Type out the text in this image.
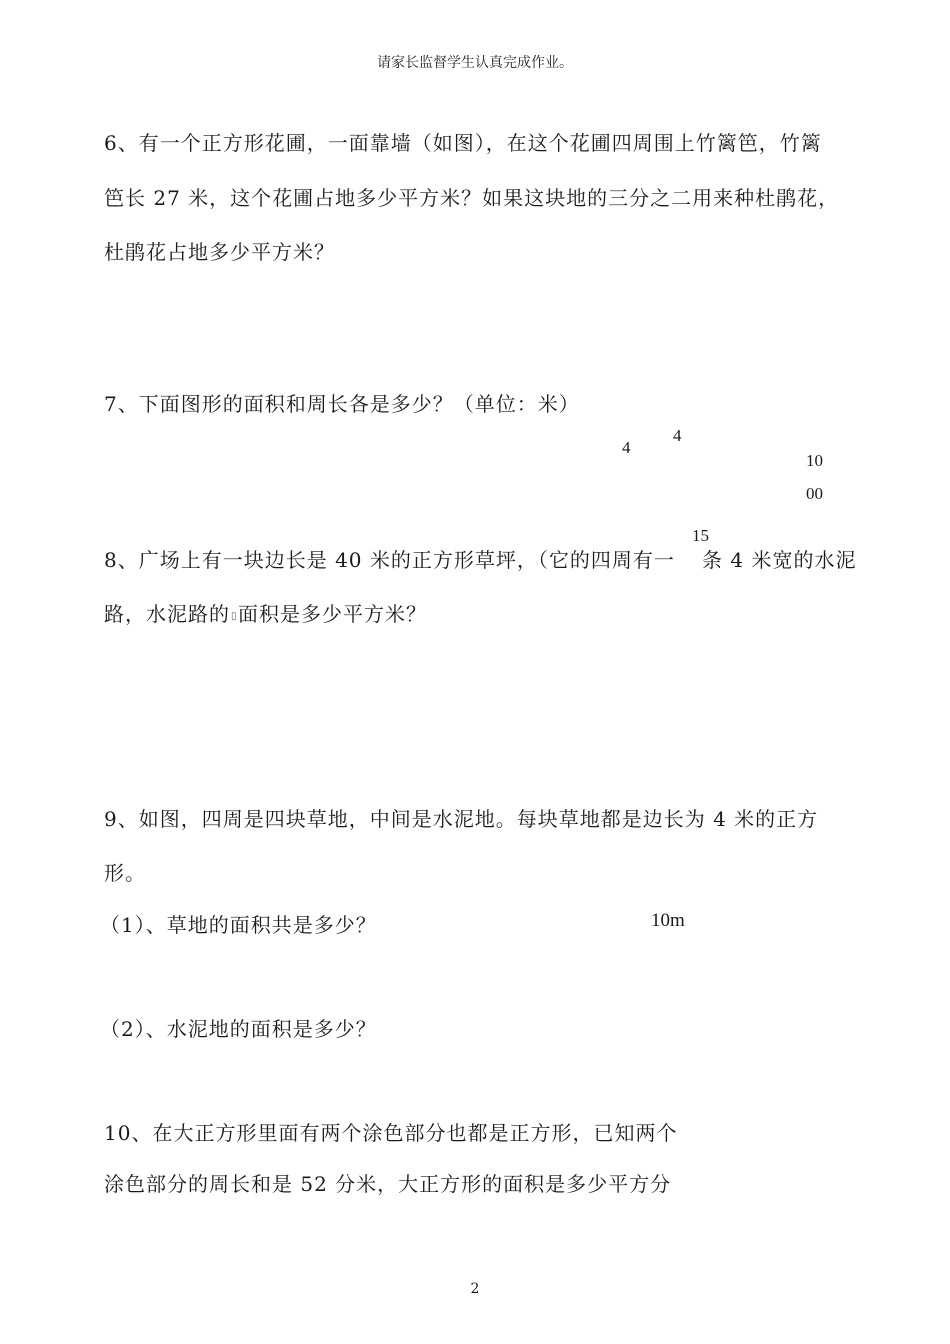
请家长监督学生认真完成作业。
6、有一个正方形花圃，一面靠墙（如图），在这个花圃四周围上竹篱笆，竹篱
笆长 27 米，这个花圃占地多少平方米？如果这块地的三分之二用来种杜鹃花，
杜鹃花占地多少平方米？
7、下面图形的面积和周长各是多少？（单位：米）
4
4
10
00
15
8、广场上有一块边长是 40 米的正方形草坪，（它的四周有一 条 4 米宽的水泥
路，水泥路的 ▯ 面积是多少平方米？
9、如图，四周是四块草地，中间是水泥地。每块草地都是边长为 4 米的正方
形。
（1）、草地的面积共是多少？	10m
（2）、水泥地的面积是多少？
10、在大正方形里面有两个涂色部分也都是正方形，已知两个
涂色部分的周长和是 52 分米，大正方形的面积是多少平方分
2
